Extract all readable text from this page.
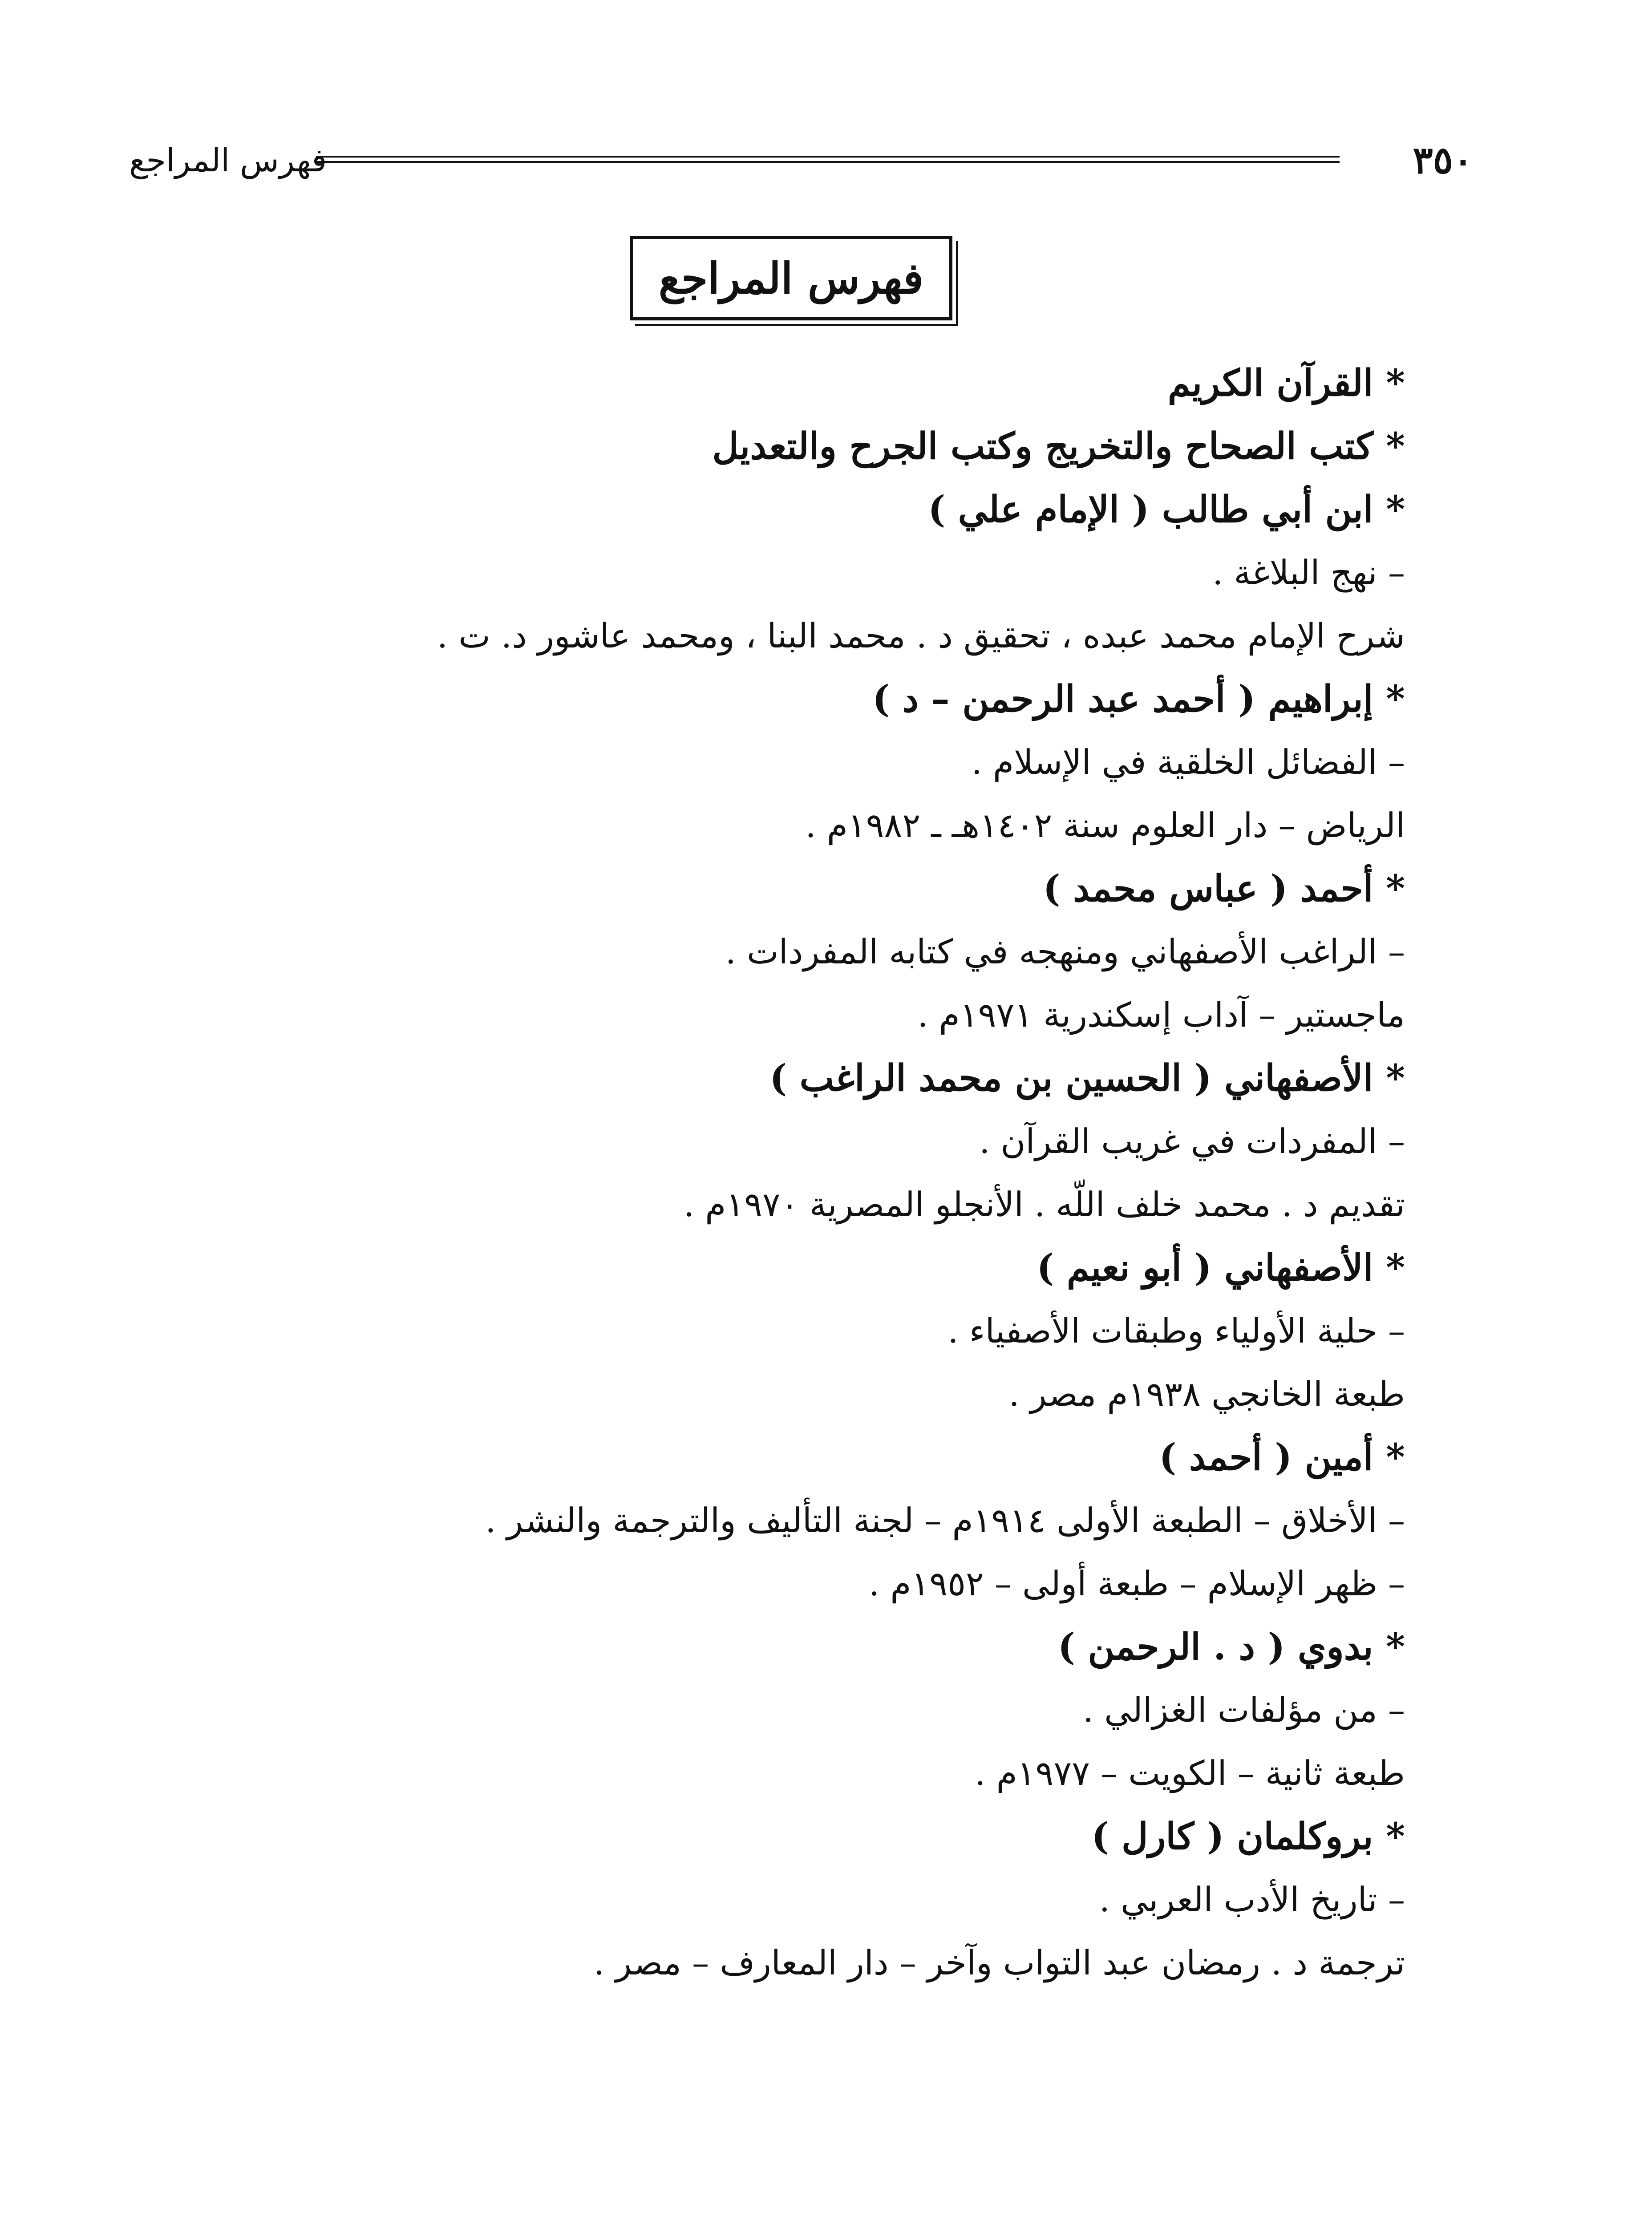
٣٥٠
فهرس المراجع
فهرس المراجع
* القرآن الكريم
* كتب الصحاح والتخريج وكتب الجرح والتعديل
* ابن أبي طالب ( الإمام علي )
– نهج البلاغة .
شرح الإمام محمد عبده ، تحقيق د . محمد البنا ، ومحمد عاشور د. ت .
* إبراهيم ( أحمد عبد الرحمن – د )
– الفضائل الخلقية في الإسلام .
الرياض – دار العلوم سنة ١٤٠٢هـ ـ ١٩٨٢م .
* أحمد ( عباس محمد )
– الراغب الأصفهاني ومنهجه في كتابه المفردات .
ماجستير – آداب إسكندرية ١٩٧١م .
* الأصفهاني ( الحسين بن محمد الراغب )
– المفردات في غريب القرآن .
تقديم د . محمد خلف اللّه . الأنجلو المصرية ١٩٧٠م .
* الأصفهاني ( أبو نعيم )
– حلية الأولياء وطبقات الأصفياء .
طبعة الخانجي ١٩٣٨م مصر .
* أمين ( أحمد )
– الأخلاق – الطبعة الأولى ١٩١٤م – لجنة التأليف والترجمة والنشر .
– ظهر الإسلام – طبعة أولى – ١٩٥٢م .
* بدوي ( د . الرحمن )
– من مؤلفات الغزالي .
طبعة ثانية – الكويت – ١٩٧٧م .
* بروكلمان ( كارل )
– تاريخ الأدب العربي .
ترجمة د . رمضان عبد التواب وآخر – دار المعارف – مصر .
